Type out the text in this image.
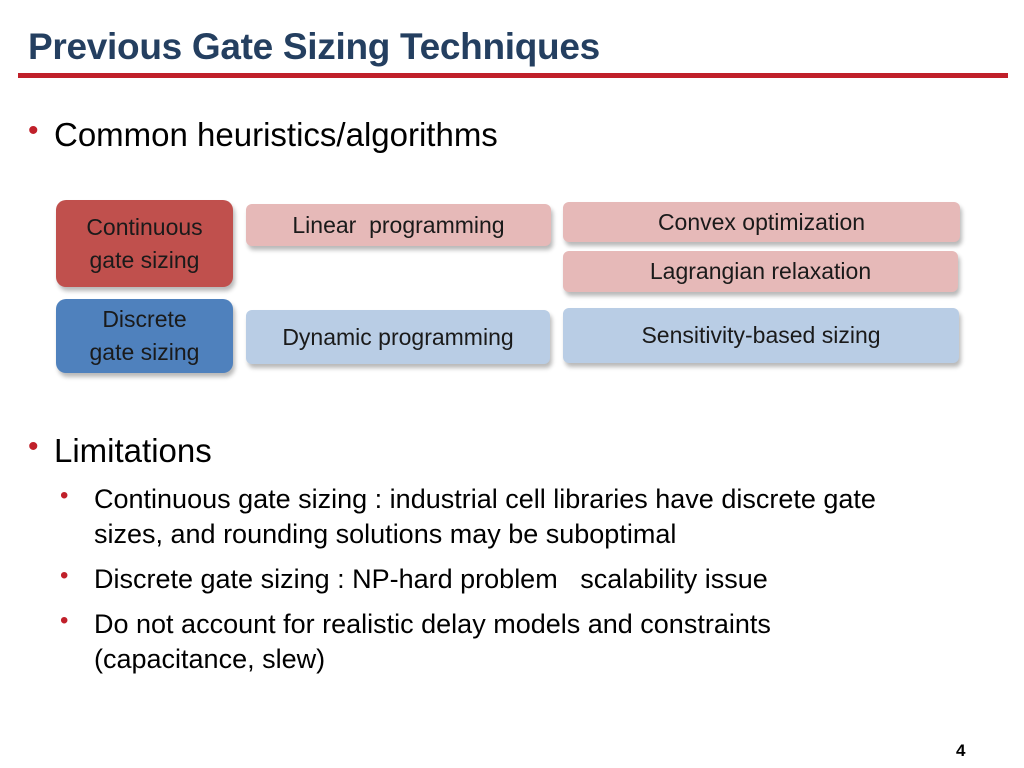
Previous Gate Sizing Techniques
• Common heuristics/algorithms
Continuous
gate sizing
Linear  programming	Convex optimization
Lagrangian relaxation
Discrete
gate sizing
Dynamic programming	Sensitivity-based sizing
• Limitations
• Continuous gate sizing : industrial cell libraries have discrete gate
sizes, and rounding solutions may be suboptimal
• Discrete gate sizing : NP-hard problem   scalability issue
• Do not account for realistic delay models and constraints
(capacitance, slew)
4
